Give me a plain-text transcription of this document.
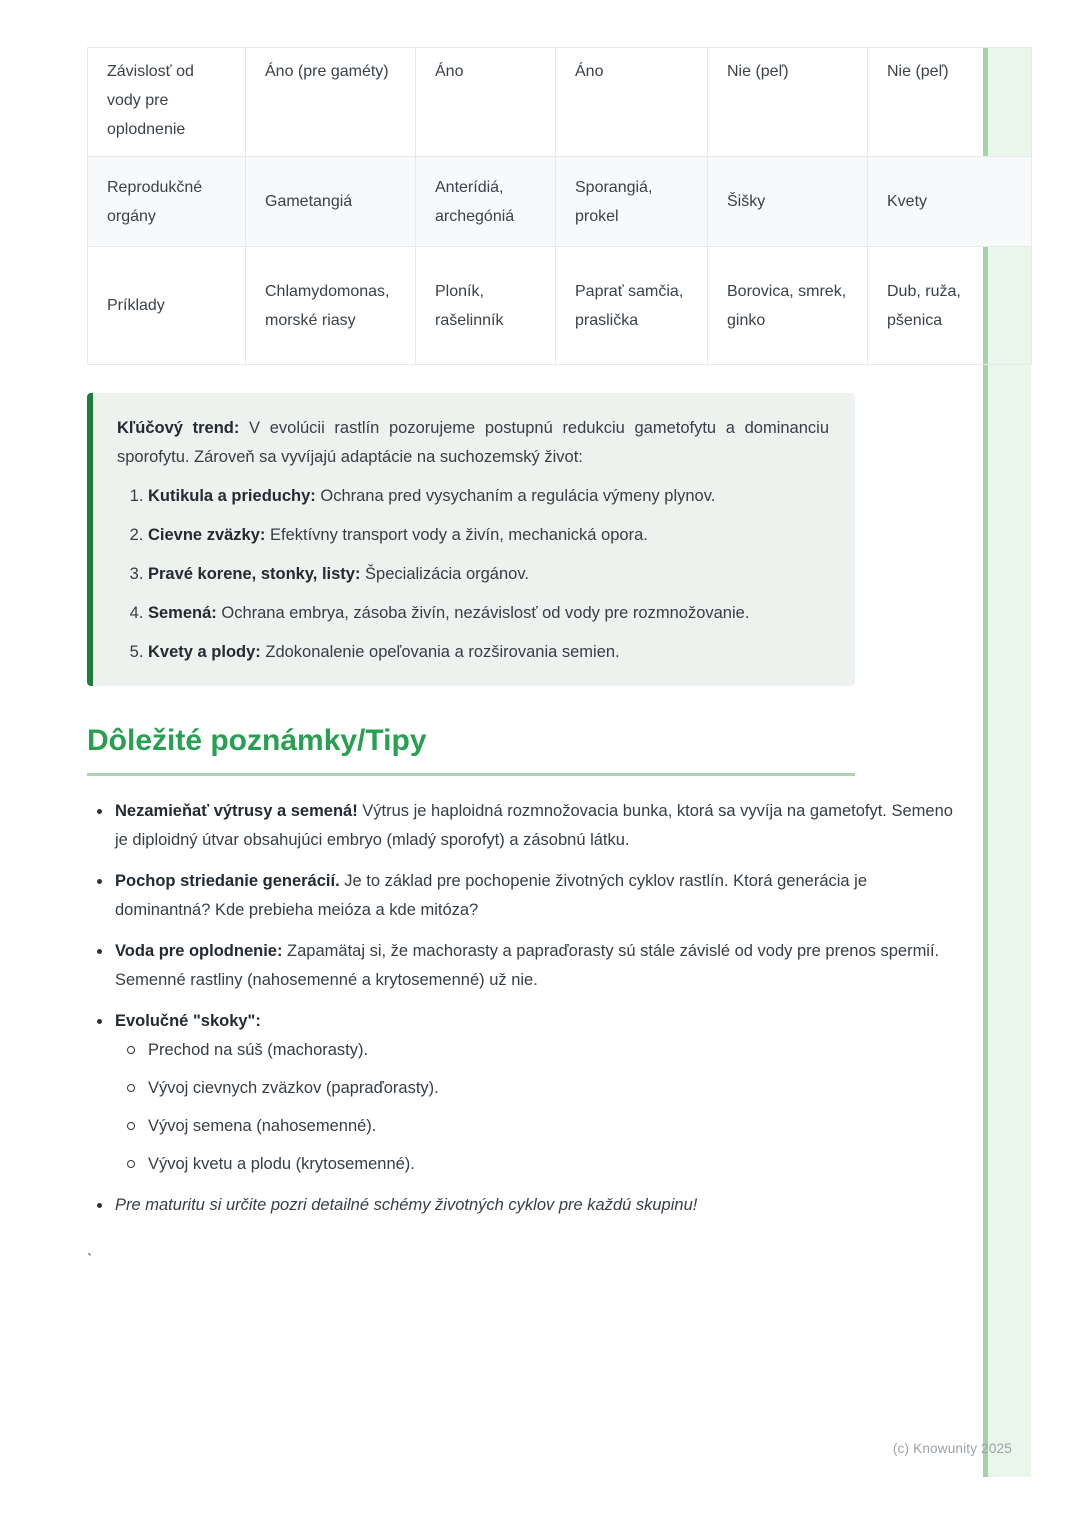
Závislosť od vody pre oplodnenie	Áno (pre gaméty)	Áno	Áno	Nie (peľ)	Nie (peľ)
Reprodukčné orgány	Gametangiá	Anterídiá, archegóniá	Sporangiá, prokel	Šišky	Kvety
Príklady	Chlamydomonas, morské riasy	Ploník, rašelinník	Paprať samčia, praslička	Borovica, smrek, ginko	Dub, ruža, pšenica

Kľúčový trend: V evolúcii rastlín pozorujeme postupnú redukciu gametofytu a dominanciu sporofytu. Zároveň sa vyvíjajú adaptácie na suchozemský život:

1. Kutikula a prieduchy: Ochrana pred vysychaním a regulácia výmeny plynov.
2. Cievne zväzky: Efektívny transport vody a živín, mechanická opora.
3. Pravé korene, stonky, listy: Špecializácia orgánov.
4. Semená: Ochrana embrya, zásoba živín, nezávislosť od vody pre rozmnožovanie.
5. Kvety a plody: Zdokonalenie opeľovania a rozširovania semien.
Dôležité poznámky/Tipy
Nezamieňať výtrusy a semená! Výtrus je haploidná rozmnožovacia bunka, ktorá sa vyvíja na gametofyt. Semeno je diploidný útvar obsahujúci embryo (mladý sporofyt) a zásobnú látku.
Pochop striedanie generácií. Je to základ pre pochopenie životných cyklov rastlín. Ktorá generácia je dominantná? Kde prebieha meióza a kde mitóza?
Voda pre oplodnenie: Zapamätaj si, že machorasty a papraďorasty sú stále závislé od vody pre prenos spermií. Semenné rastliny (nahosemenné a krytosemenné) už nie.
Evolučné "skoky":
Prechod na súš (machorasty).
Vývoj cievnych zväzkov (papraďorasty).
Vývoj semena (nahosemenné).
Vývoj kvetu a plodu (krytosemenné).
Pre maturitu si určite pozri detailné schémy životných cyklov pre každú skupinu!
`
(c) Knowunity 2025
